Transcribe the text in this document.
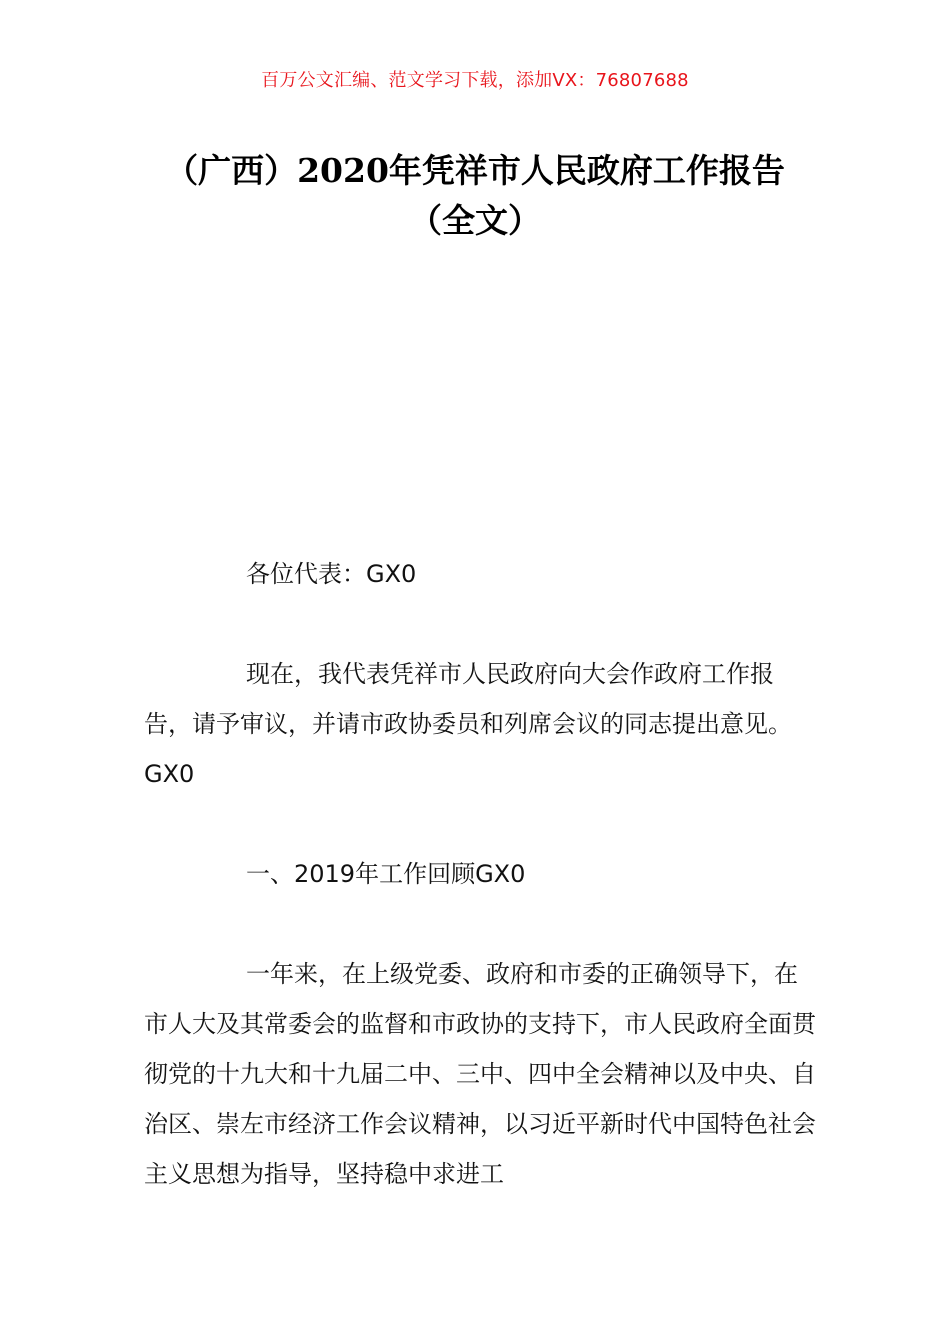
百万公文汇编、范文学习下载，添加VX：76807688
（广西）2020年凭祥市人民政府工作报告
（全文）

各位代表：GX0

现在，我代表凭祥市人民政府向大会作政府工作报告，请予审议，并请市政协委员和列席会议的同志提出意见。GX0

一、2019年工作回顾GX0

一年来，在上级党委、政府和市委的正确领导下，在市人大及其常委会的监督和市政协的支持下，市人民政府全面贯彻党的十九大和十九届二中、三中、四中全会精神以及中央、自治区、崇左市经济工作会议精神，以习近平新时代中国特色社会主义思想为指导，坚持稳中求进工
